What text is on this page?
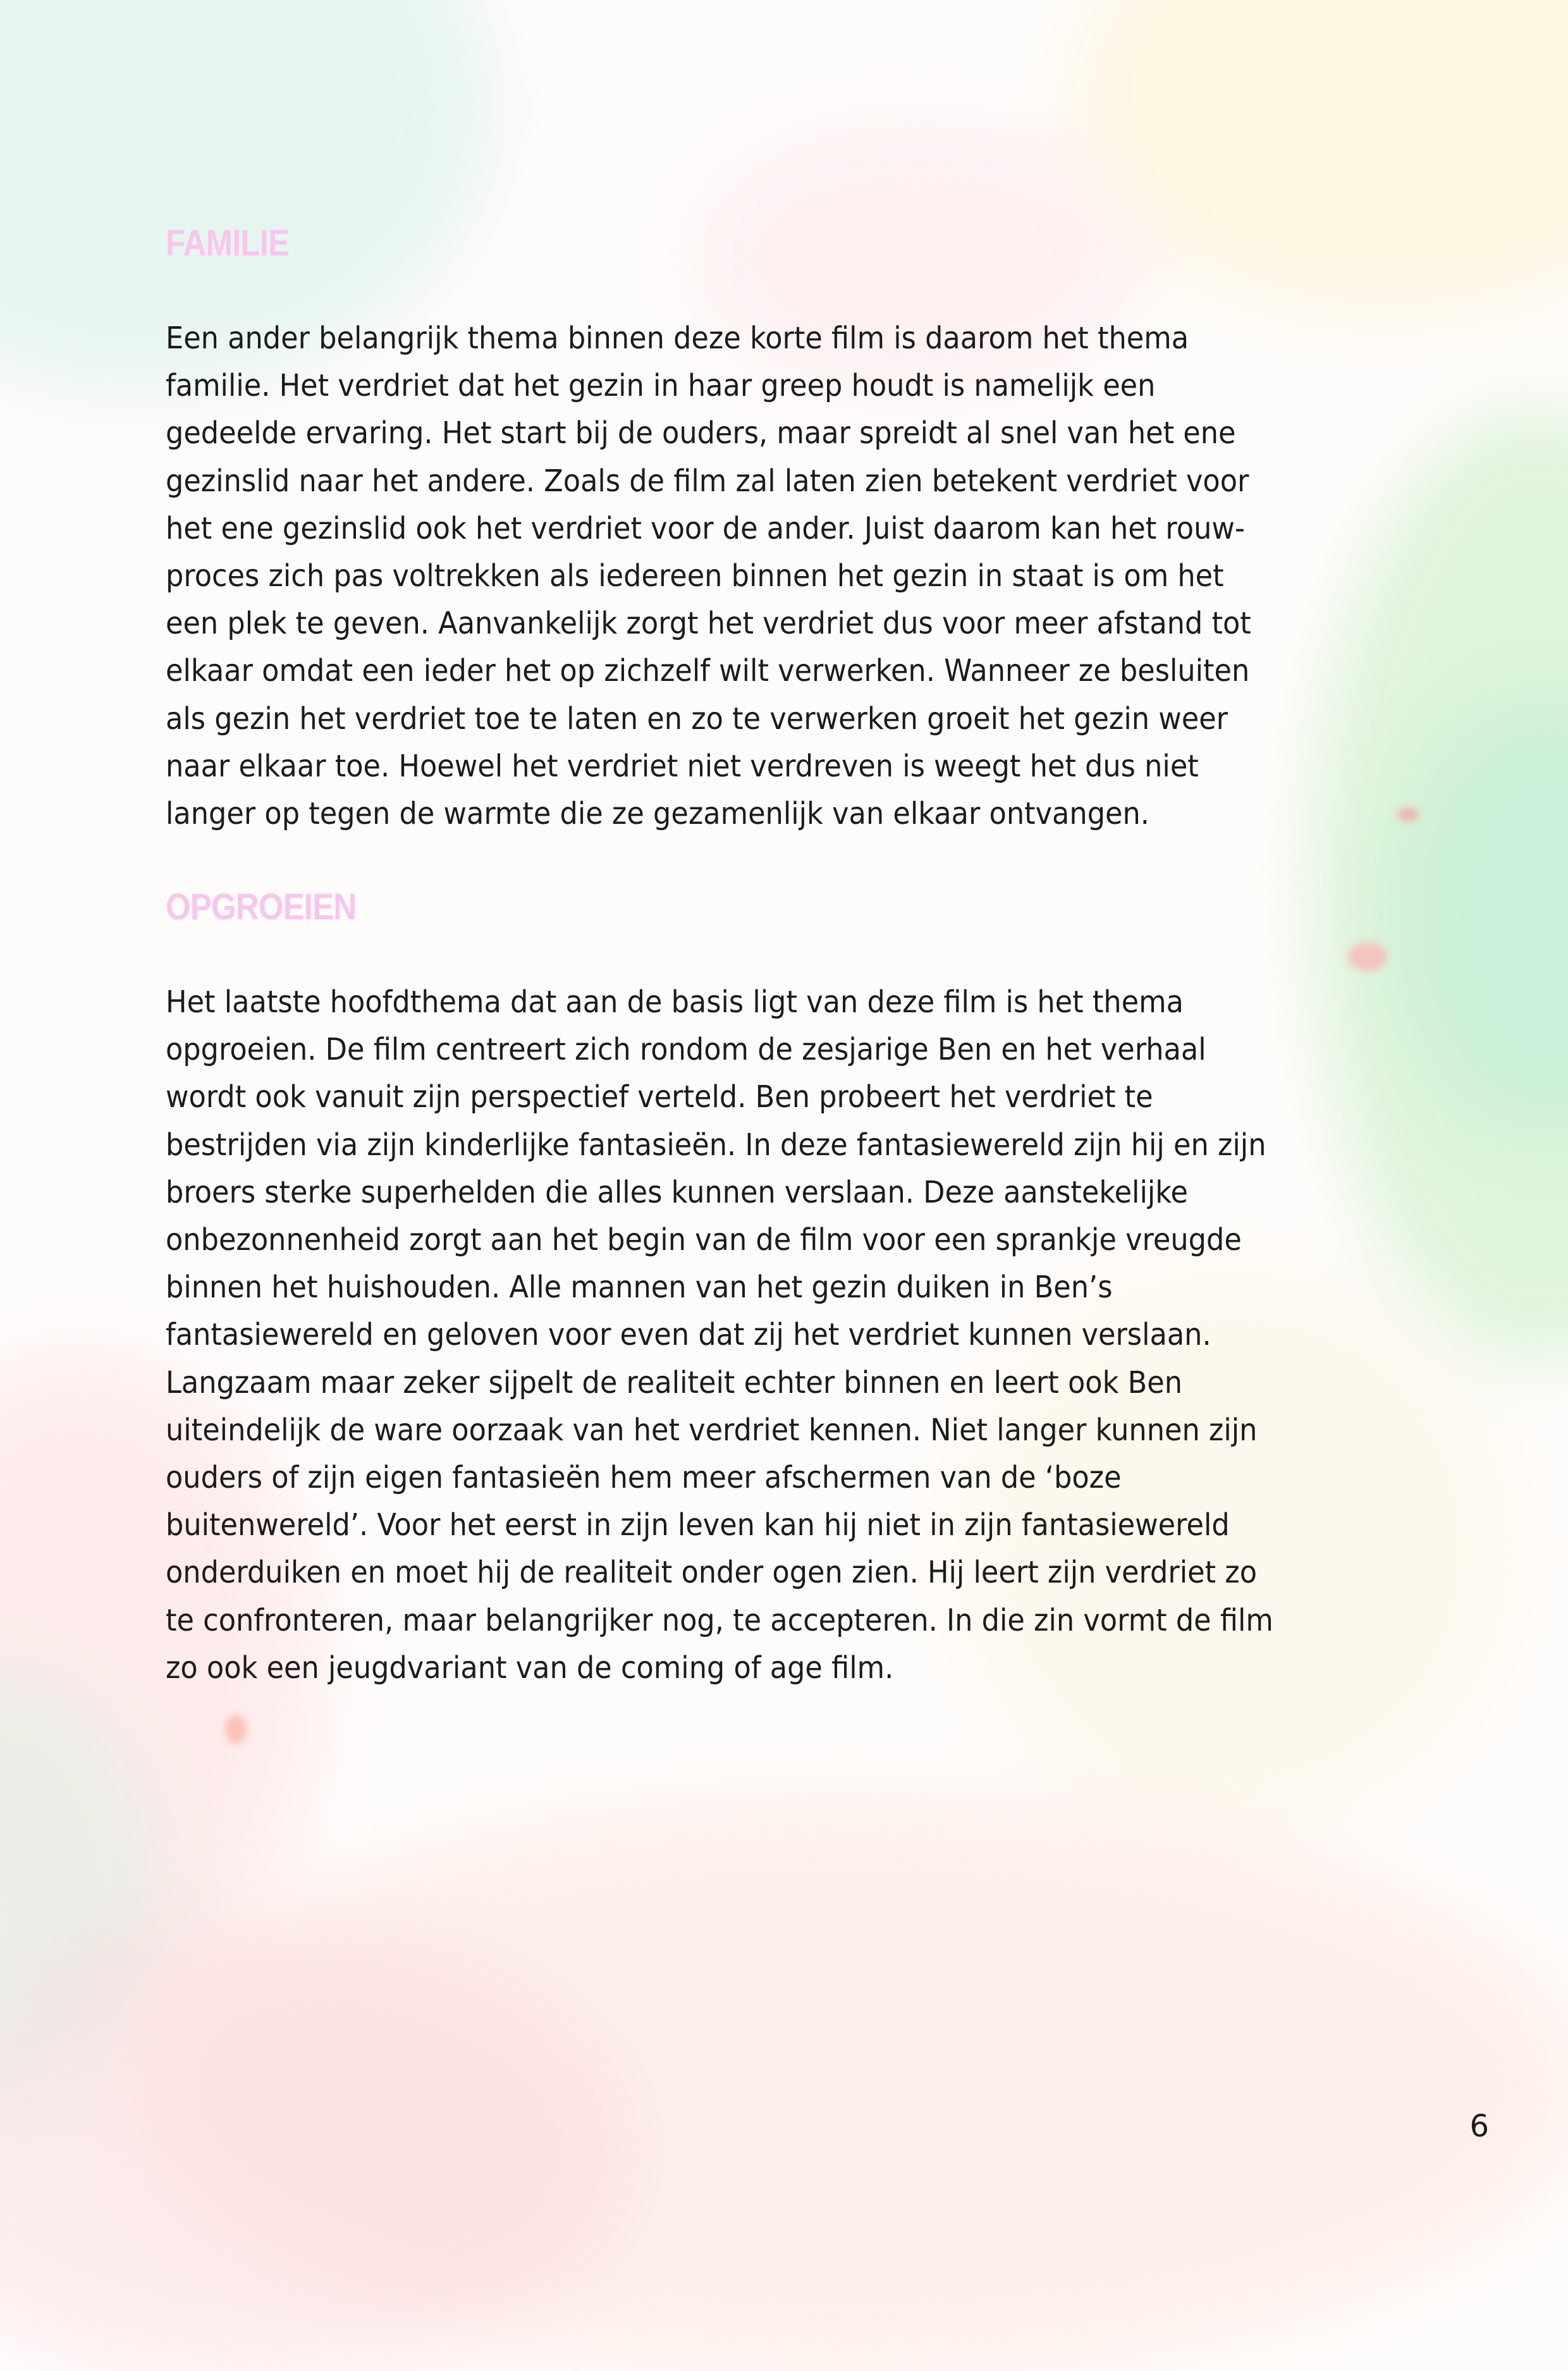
FAMILIE
Een ander belangrijk thema binnen deze korte film is daarom het thema
familie. Het verdriet dat het gezin in haar greep houdt is namelijk een
gedeelde ervaring. Het start bij de ouders, maar spreidt al snel van het ene
gezinslid naar het andere. Zoals de film zal laten zien betekent verdriet voor
het ene gezinslid ook het verdriet voor de ander. Juist daarom kan het rouw-
proces zich pas voltrekken als iedereen binnen het gezin in staat is om het
een plek te geven. Aanvankelijk zorgt het verdriet dus voor meer afstand tot
elkaar omdat een ieder het op zichzelf wilt verwerken. Wanneer ze besluiten
als gezin het verdriet toe te laten en zo te verwerken groeit het gezin weer
naar elkaar toe. Hoewel het verdriet niet verdreven is weegt het dus niet
langer op tegen de warmte die ze gezamenlijk van elkaar ontvangen.
OPGROEIEN
Het laatste hoofdthema dat aan de basis ligt van deze film is het thema
opgroeien. De film centreert zich rondom de zesjarige Ben en het verhaal
wordt ook vanuit zijn perspectief verteld. Ben probeert het verdriet te
bestrijden via zijn kinderlijke fantasieën. In deze fantasiewereld zijn hij en zijn
broers sterke superhelden die alles kunnen verslaan. Deze aanstekelijke
onbezonnenheid zorgt aan het begin van de film voor een sprankje vreugde
binnen het huishouden. Alle mannen van het gezin duiken in Ben’s
fantasiewereld en geloven voor even dat zij het verdriet kunnen verslaan.
Langzaam maar zeker sijpelt de realiteit echter binnen en leert ook Ben
uiteindelijk de ware oorzaak van het verdriet kennen. Niet langer kunnen zijn
ouders of zijn eigen fantasieën hem meer afschermen van de ‘boze
buitenwereld’. Voor het eerst in zijn leven kan hij niet in zijn fantasiewereld
onderduiken en moet hij de realiteit onder ogen zien. Hij leert zijn verdriet zo
te confronteren, maar belangrijker nog, te accepteren. In die zin vormt de film
zo ook een jeugdvariant van de coming of age film.
6
